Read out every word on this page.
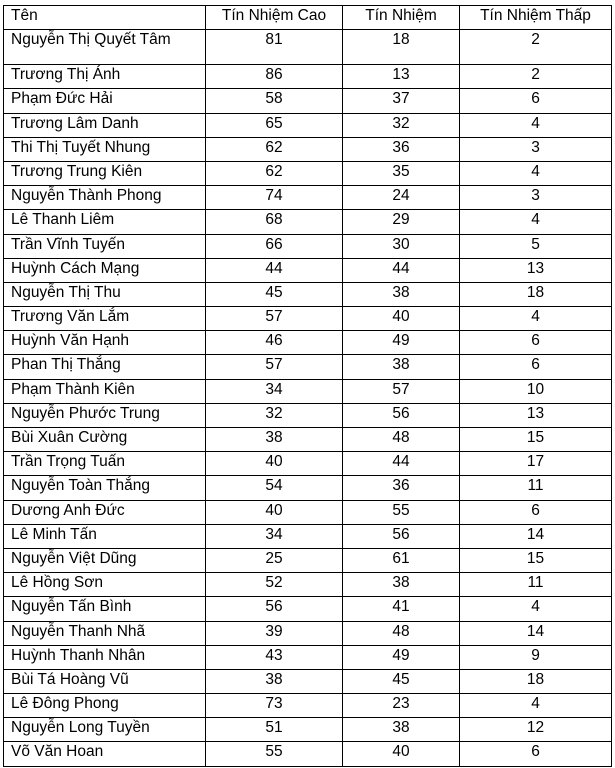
Tên	Tín Nhiệm Cao	Tín Nhiệm	Tín Nhiệm Thấp
Nguyễn Thị Quyết Tâm	81	18	2
Trương Thị Ánh	86	13	2
Phạm Đức Hải	58	37	6
Trương Lâm Danh	65	32	4
Thi Thị Tuyết Nhung	62	36	3
Trương Trung Kiên	62	35	4
Nguyễn Thành Phong	74	24	3
Lê Thanh Liêm	68	29	4
Trần Vĩnh Tuyến	66	30	5
Huỳnh Cách Mạng	44	44	13
Nguyễn Thị Thu	45	38	18
Trương Văn Lắm	57	40	4
Huỳnh Văn Hạnh	46	49	6
Phan Thị Thắng	57	38	6
Phạm Thành Kiên	34	57	10
Nguyễn Phước Trung	32	56	13
Bùi Xuân Cường	38	48	15
Trần Trọng Tuấn	40	44	17
Nguyễn Toàn Thắng	54	36	11
Dương Anh Đức	40	55	6
Lê Minh Tấn	34	56	14
Nguyễn Việt Dũng	25	61	15
Lê Hồng Sơn	52	38	11
Nguyễn Tấn Bình	56	41	4
Nguyễn Thanh Nhã	39	48	14
Huỳnh Thanh Nhân	43	49	9
Bùi Tá Hoàng Vũ	38	45	18
Lê Đông Phong	73	23	4
Nguyễn Long Tuyền	51	38	12
Võ Văn Hoan	55	40	6
